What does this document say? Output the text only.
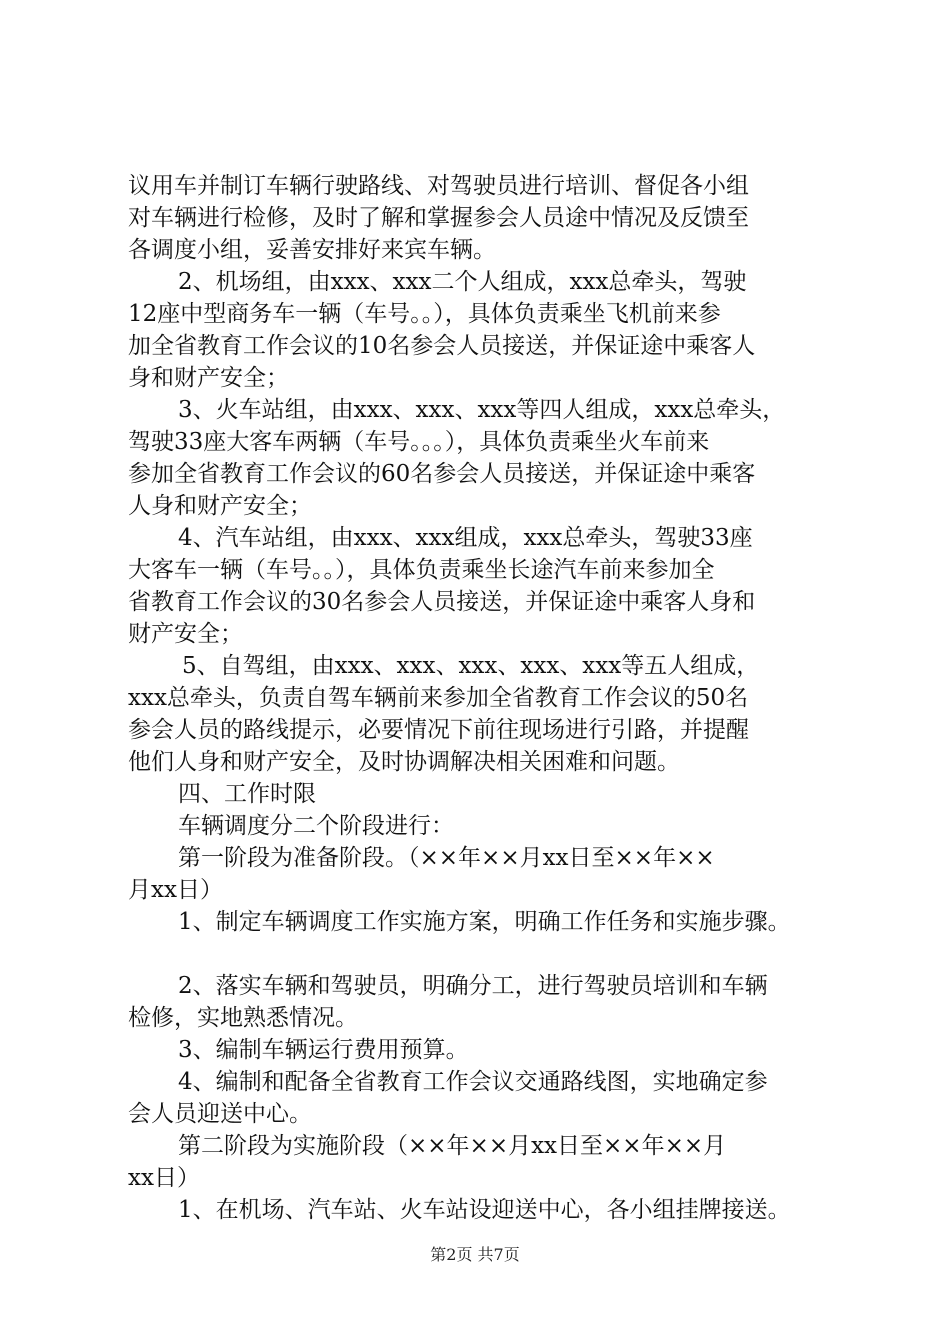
议用车并制订车辆行驶路线、对驾驶员进行培训、督促各小组
对车辆进行检修，及时了解和掌握参会人员途中情况及反馈至
各调度小组，妥善安排好来宾车辆。
2、机场组，由xxx、xxx二个人组成，xxx总牵头，驾驶
12座中型商务车一辆（车号。。），具体负责乘坐飞机前来参
加全省教育工作会议的10名参会人员接送，并保证途中乘客人
身和财产安全；
3、火车站组，由xxx、xxx、xxx等四人组成，xxx总牵头，
驾驶33座大客车两辆（车号。。。），具体负责乘坐火车前来
参加全省教育工作会议的60名参会人员接送，并保证途中乘客
人身和财产安全；
4、汽车站组，由xxx、xxx组成，xxx总牵头，驾驶33座
大客车一辆（车号。。），具体负责乘坐长途汽车前来参加全
省教育工作会议的30名参会人员接送，并保证途中乘客人身和
财产安全；
5、自驾组，由xxx、xxx、xxx、xxx、xxx等五人组成，
xxx总牵头，负责自驾车辆前来参加全省教育工作会议的50名
参会人员的路线提示，必要情况下前往现场进行引路，并提醒
他们人身和财产安全，及时协调解决相关困难和问题。
四、工作时限
车辆调度分二个阶段进行：
第一阶段为准备阶段。（××年××月xx日至××年××
月xx日）
1、制定车辆调度工作实施方案，明确工作任务和实施步骤。
2、落实车辆和驾驶员，明确分工，进行驾驶员培训和车辆
检修，实地熟悉情况。
3、编制车辆运行费用预算。
4、编制和配备全省教育工作会议交通路线图，实地确定参
会人员迎送中心。
第二阶段为实施阶段（××年××月xx日至××年××月
xx日）
1、在机场、汽车站、火车站设迎送中心，各小组挂牌接送。
第2页 共7页
